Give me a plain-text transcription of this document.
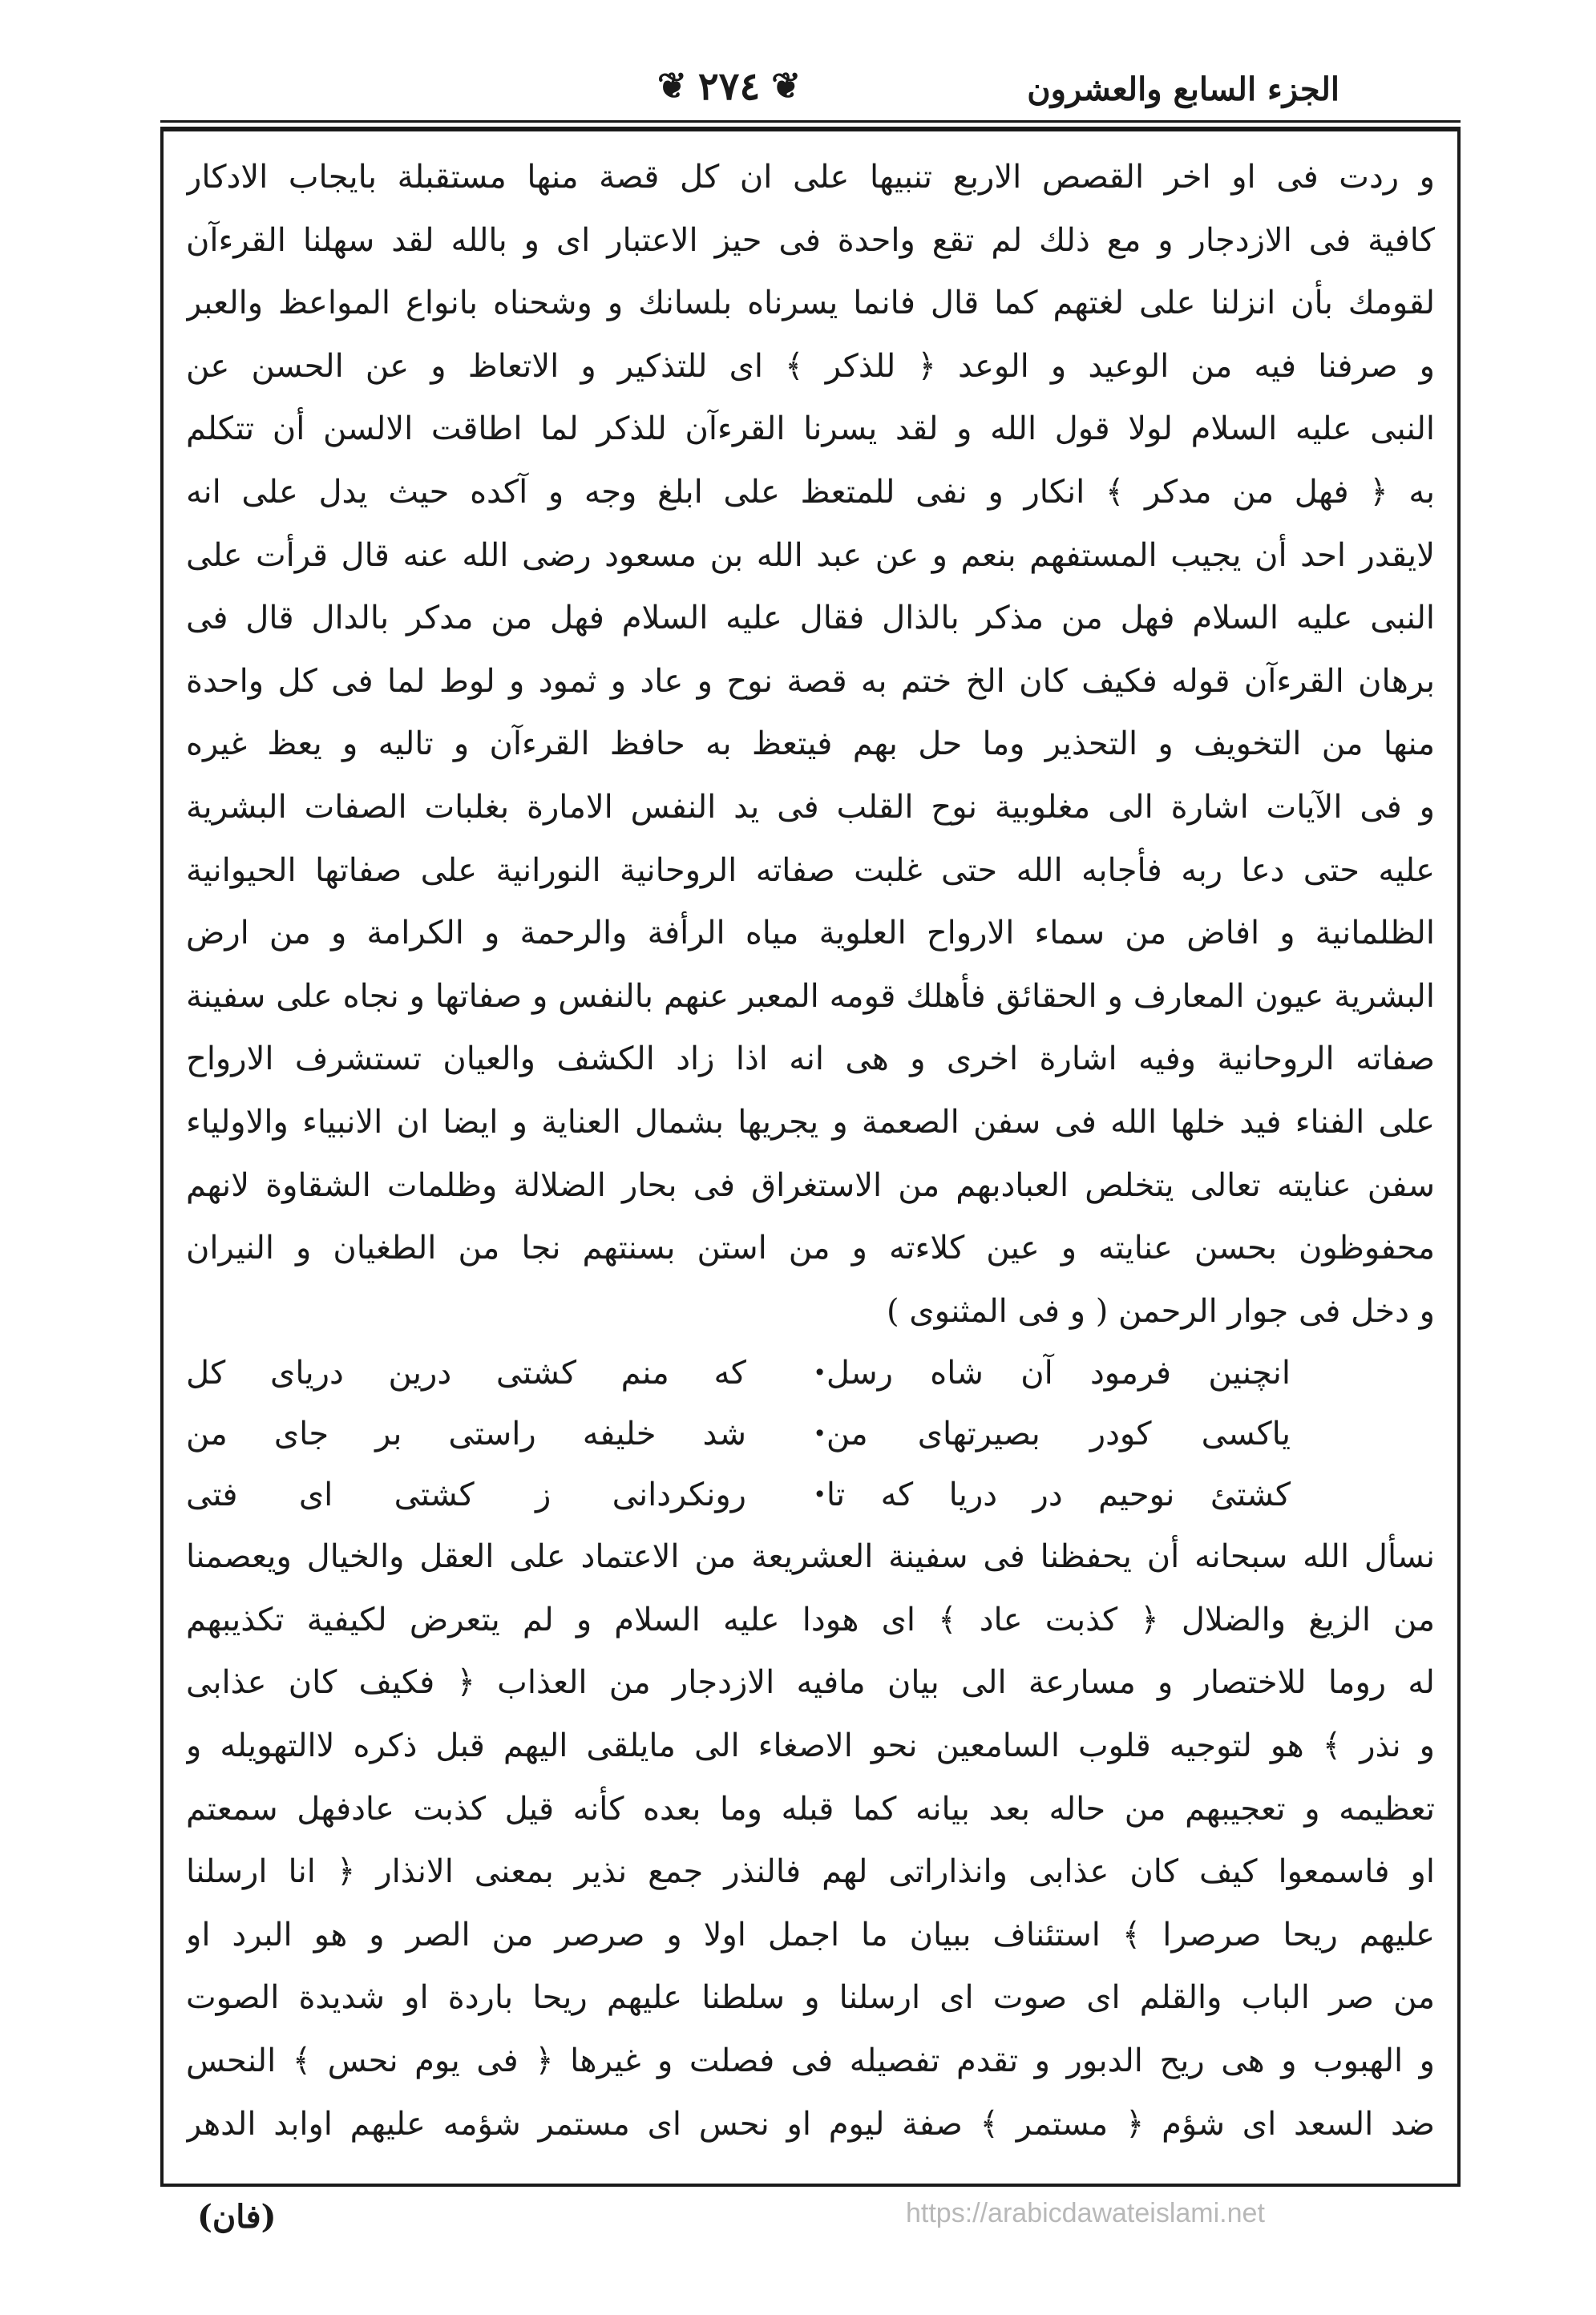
الجزء السابع والعشرون
❦ ٢٧٤ ❦
و ردت فى او اخر القصص الاربع تنبيها على ان كل قصة منها مستقبلة بايجاب الادكار
كافية فى الازدجار و مع ذلك لم تقع واحدة فى حيز الاعتبار اى و بالله لقد سهلنا القرءآن
لقومك بأن انزلنا على لغتهم كما قال فانما يسرناه بلسانك و وشحناه بانواع المواعظ والعبر
و صرفنا فيه من الوعيد و الوعد ﴿ للذكر ﴾ اى للتذكير و الاتعاظ و عن الحسن عن
النبى عليه السلام لولا قول الله و لقد يسرنا القرءآن للذكر لما اطاقت الالسن أن تتكلم
به ﴿ فهل من مدكر ﴾ انكار و نفى للمتعظ على ابلغ وجه و آكده حيث يدل على انه
لايقدر احد أن يجيب المستفهم بنعم و عن عبد الله بن مسعود رضى الله عنه قال قرأت على
النبى عليه السلام فهل من مذكر بالذال فقال عليه السلام فهل من مدكر بالدال قال فى
برهان القرءآن قوله فكيف كان الخ ختم به قصة نوح و عاد و ثمود و لوط لما فى كل واحدة
منها من التخويف و التحذير وما حل بهم فيتعظ به حافظ القرءآن و تاليه و يعظ غيره
و فى الآيات اشارة الى مغلوبية نوح القلب فى يد النفس الامارة بغلبات الصفات البشرية
عليه حتى دعا ربه فأجابه الله حتى غلبت صفاته الروحانية النورانية على صفاتها الحيوانية
الظلمانية و افاض من سماء الارواح العلوية مياه الرأفة والرحمة و الكرامة و من ارض
البشرية عيون المعارف و الحقائق فأهلك قومه المعبر عنهم بالنفس و صفاتها و نجاه على سفينة
صفاته الروحانية وفيه اشارة اخرى و هى انه اذا زاد الكشف والعيان تستشرف الارواح
على الفناء فيد خلها الله فى سفن الصعمة و يجريها بشمال العناية و ايضا ان الانبياء والاولياء
سفن عنايته تعالى يتخلص العبادبهم من الاستغراق فى بحار الضلالة وظلمات الشقاوة لانهم
محفوظون بحسن عنايته و عين كلاءته و من استن بسنتهم نجا من الطغيان و النيران
و دخل فى جوار الرحمن ( و فى المثنوى )
انچنين فرمود آن شاه رسل
•
كه منم كشتى درين درياى كل
ياكسى كودر بصيرتهاى من
•
شد خليفه راستى بر جاى من
كشتئ نوحيم در دريا كه تا
•
رونكردانى ز كشتى اى فتى
نسأل الله سبحانه أن يحفظنا فى سفينة العشريعة من الاعتماد على العقل والخيال ويعصمنا
من الزيغ والضلال ﴿ كذبت عاد ﴾ اى هودا عليه السلام و لم يتعرض لكيفية تكذيبهم
له روما للاختصار و مسارعة الى بيان مافيه الازدجار من العذاب ﴿ فكيف كان عذابى
و نذر ﴾ هو لتوجيه قلوب السامعين نحو الاصغاء الى مايلقى اليهم قبل ذكره لاالتهويله و
تعظيمه و تعجيبهم من حاله بعد بيانه كما قبله وما بعده كأنه قيل كذبت عادفهل سمعتم
او فاسمعوا كيف كان عذابى وانذاراتى لهم فالنذر جمع نذير بمعنى الانذار ﴿ انا ارسلنا
عليهم ريحا صرصرا ﴾ استئناف ببيان ما اجمل اولا و صرصر من الصر و هو البرد او
من صر الباب والقلم اى صوت اى ارسلنا و سلطنا عليهم ريحا باردة او شديدة الصوت
و الهبوب و هى ريح الدبور و تقدم تفصيله فى فصلت و غيرها ﴿ فى يوم نحس ﴾ النحس
ضد السعد اى شؤم ﴿ مستمر ﴾ صفة ليوم او نحس اى مستمر شؤمه عليهم اوابد الدهر
(فان)	https://arabicdawateislami.net
